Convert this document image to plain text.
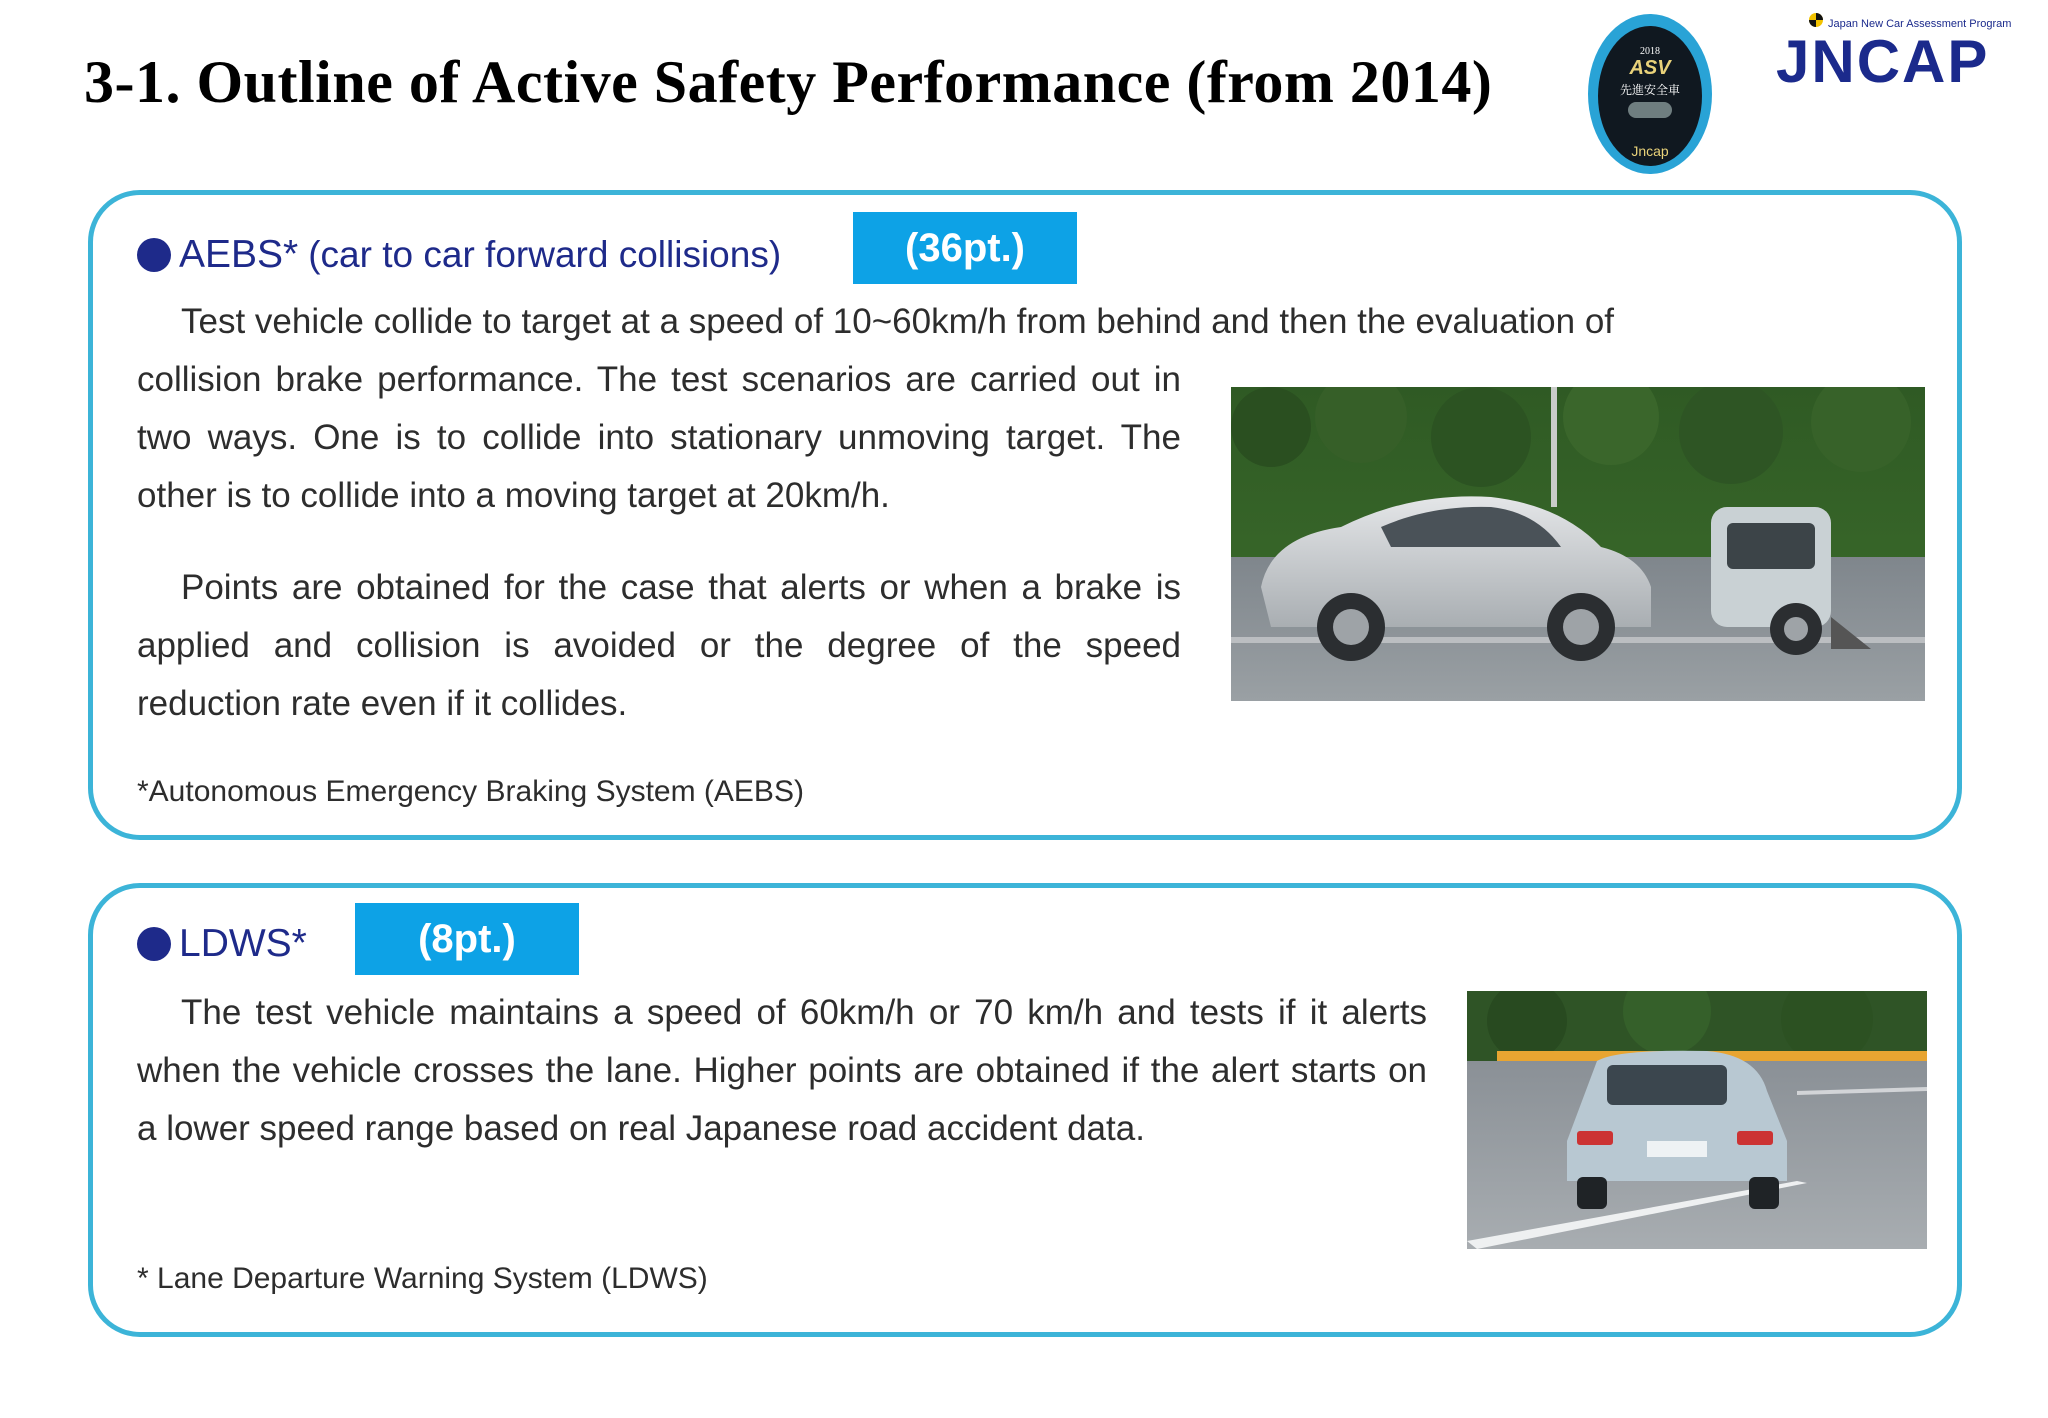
3-1. Outline of Active Safety Performance (from 2014)	2018
ASV
先進安全車
Jncap
JNCAP
Japan New Car Assessment Program
AEBS* (car to car forward collisions)	(36pt.)

Test vehicle collide to target at a speed of 10~60km/h from behind and then the evaluation of

collision brake performance. The test scenarios are carried out in two ways. One is to collide into stationary unmoving target. The other is to collide into a moving target at 20km/h.

Points are obtained for the case that alerts or when a brake is applied and collision is avoided or the degree of the speed reduction rate even if it collides.

*Autonomous Emergency Braking System (AEBS)
LDWS*	(8pt.)

The test vehicle maintains a speed of 60km/h or 70 km/h and tests if it alerts when the vehicle crosses the lane. Higher points are obtained if the alert starts on a lower speed range based on real Japanese road accident data.

* Lane Departure Warning System (LDWS)
